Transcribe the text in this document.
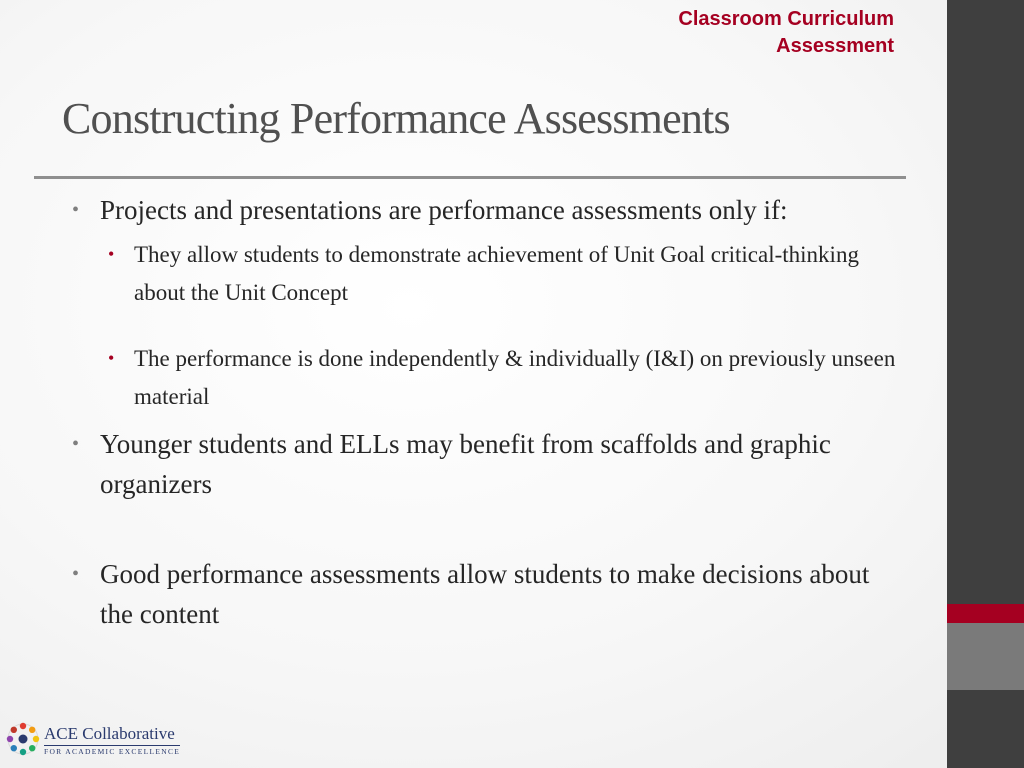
Classroom Curriculum
Assessment
Constructing Performance Assessments
• Projects and presentations are performance assessments only if:
• They allow students to demonstrate achievement of Unit Goal critical-thinking about the Unit Concept
• The performance is done independently & individually (I&I) on previously unseen material
• Younger students and ELLs may benefit from scaffolds and graphic organizers
• Good performance assessments allow students to make decisions about the content
ACE Collaborative
FOR ACADEMIC EXCELLENCE
